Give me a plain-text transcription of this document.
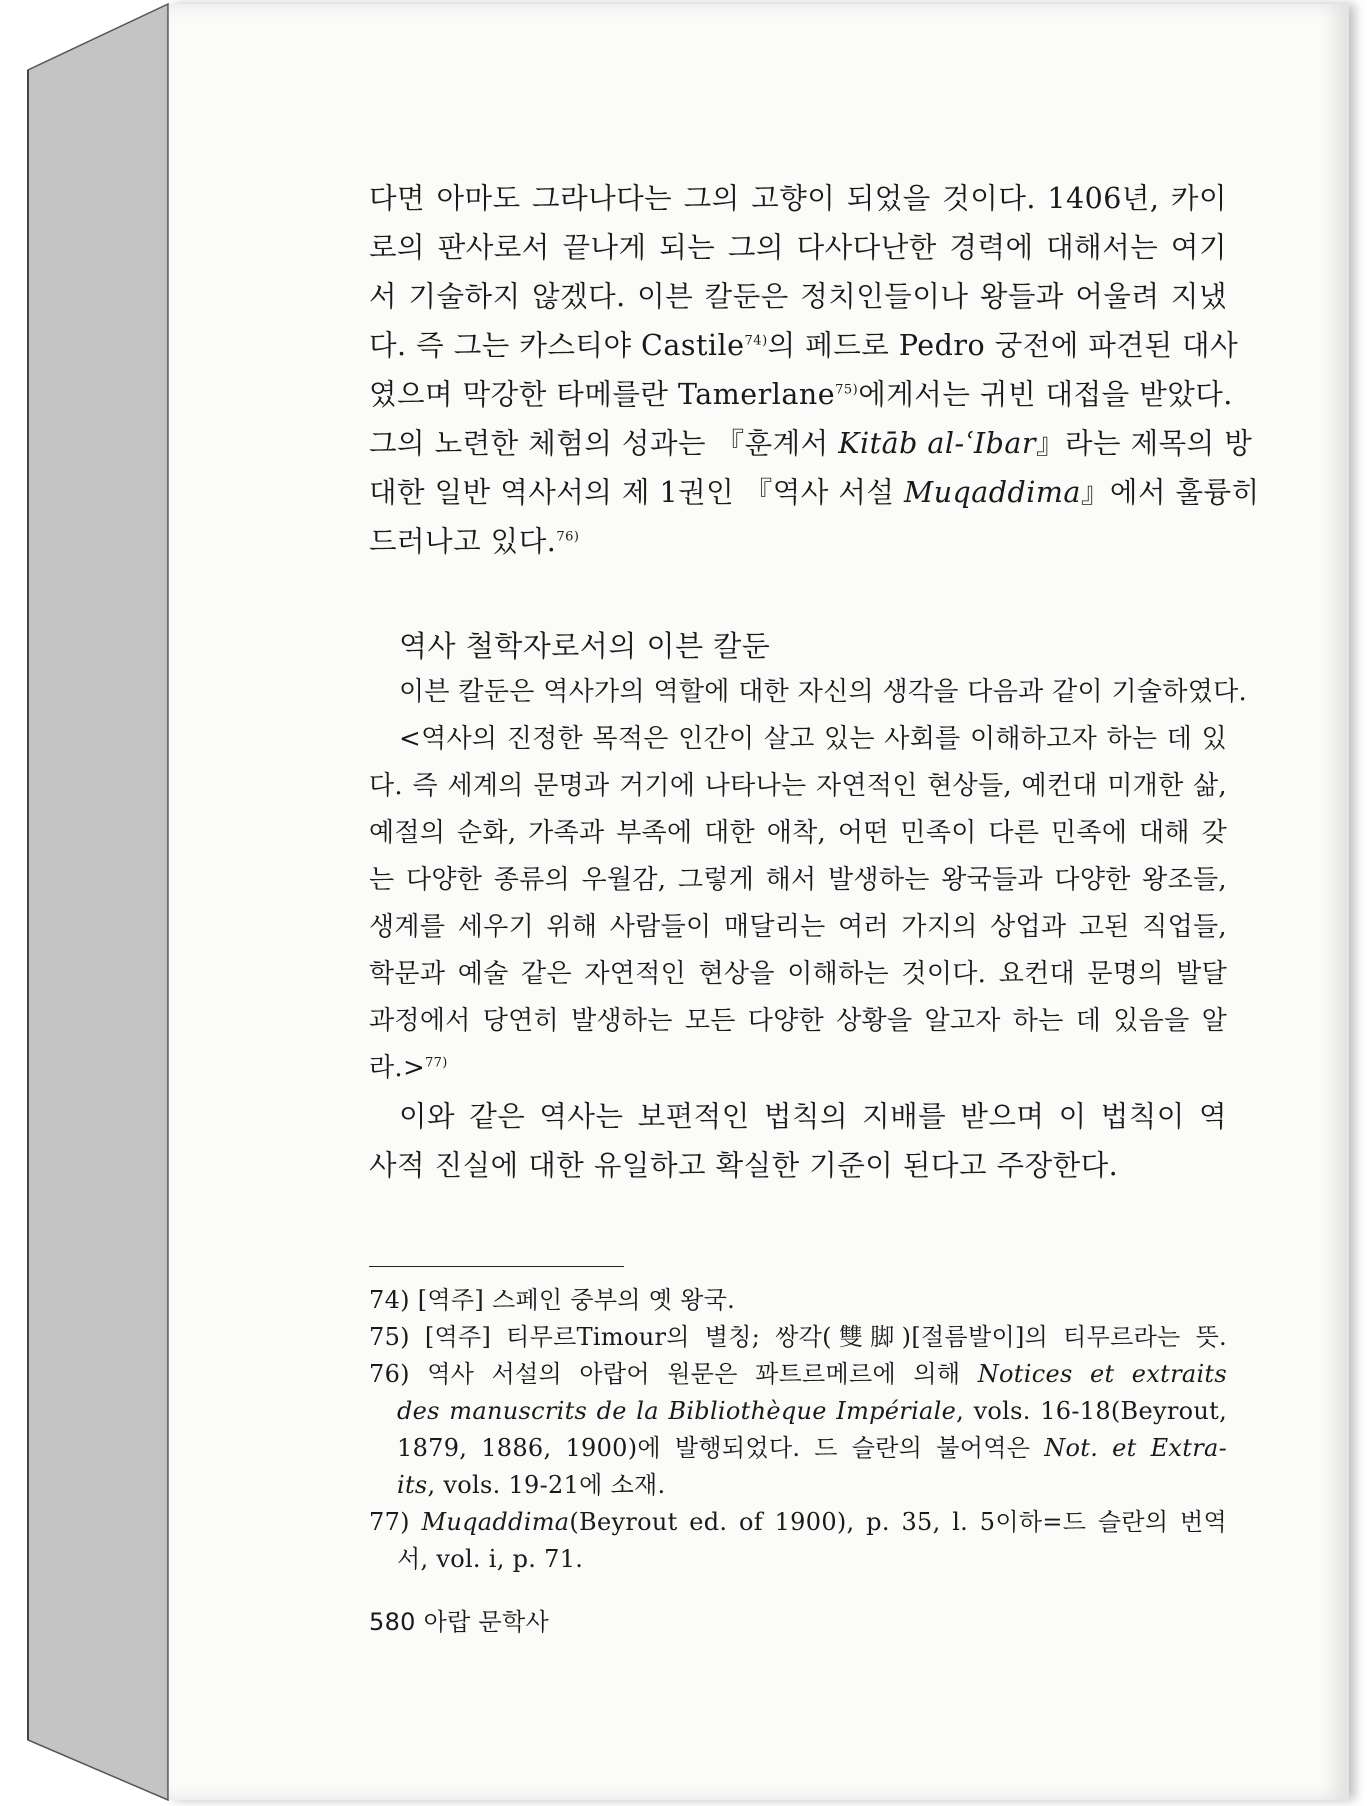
다면 아마도 그라나다는 그의 고향이 되었을 것이다. 1406년, 카이
로의 판사로서 끝나게 되는 그의 다사다난한 경력에 대해서는 여기
서 기술하지 않겠다. 이븐 칼둔은 정치인들이나 왕들과 어울려 지냈
다. 즉 그는 카스티야 Castile$^{74)}$의 페드로 Pedro 궁전에 파견된 대사
였으며 막강한 타메를란 Tamerlane$^{75)}$에게서는 귀빈 대접을 받았다.
그의 노련한 체험의 성과는 『훈계서 Kitāb al-ʿIbar』라는 제목의 방
대한 일반 역사서의 제 1권인 『역사 서설 Muqaddima』에서 훌륭히
드러나고 있다.$^{76)}$
역사 철학자로서의 이븐 칼둔
이븐 칼둔은 역사가의 역할에 대한 자신의 생각을 다음과 같이 기술하였다.
<역사의 진정한 목적은 인간이 살고 있는 사회를 이해하고자 하는 데 있
다. 즉 세계의 문명과 거기에 나타나는 자연적인 현상들, 예컨대 미개한 삶,
예절의 순화, 가족과 부족에 대한 애착, 어떤 민족이 다른 민족에 대해 갖
는 다양한 종류의 우월감, 그렇게 해서 발생하는 왕국들과 다양한 왕조들,
생계를 세우기 위해 사람들이 매달리는 여러 가지의 상업과 고된 직업들,
학문과 예술 같은 자연적인 현상을 이해하는 것이다. 요컨대 문명의 발달
과정에서 당연히 발생하는 모든 다양한 상황을 알고자 하는 데 있음을 알
라.>$^{77)}$
이와 같은 역사는 보편적인 법칙의 지배를 받으며 이 법칙이 역
사적 진실에 대한 유일하고 확실한 기준이 된다고 주장한다.
74) [역주] 스페인 중부의 옛 왕국.
75) [역주] 티무르Timour의 별칭; 쌍각(雙脚)[절름발이]의 티무르라는 뜻.
76) 역사 서설의 아랍어 원문은 꽈트르메르에 의해 Notices et extraits
des manuscrits de la Bibliothèque Impériale, vols. 16-18(Beyrout,
1879, 1886, 1900)에 발행되었다. 드 슬란의 불어역은 Not. et Extra-
its, vols. 19-21에 소재.
77) Muqaddima(Beyrout ed. of 1900), p. 35, l. 5이하=드 슬란의 번역
서, vol. ⅰ, p. 71.
580 아랍 문학사
